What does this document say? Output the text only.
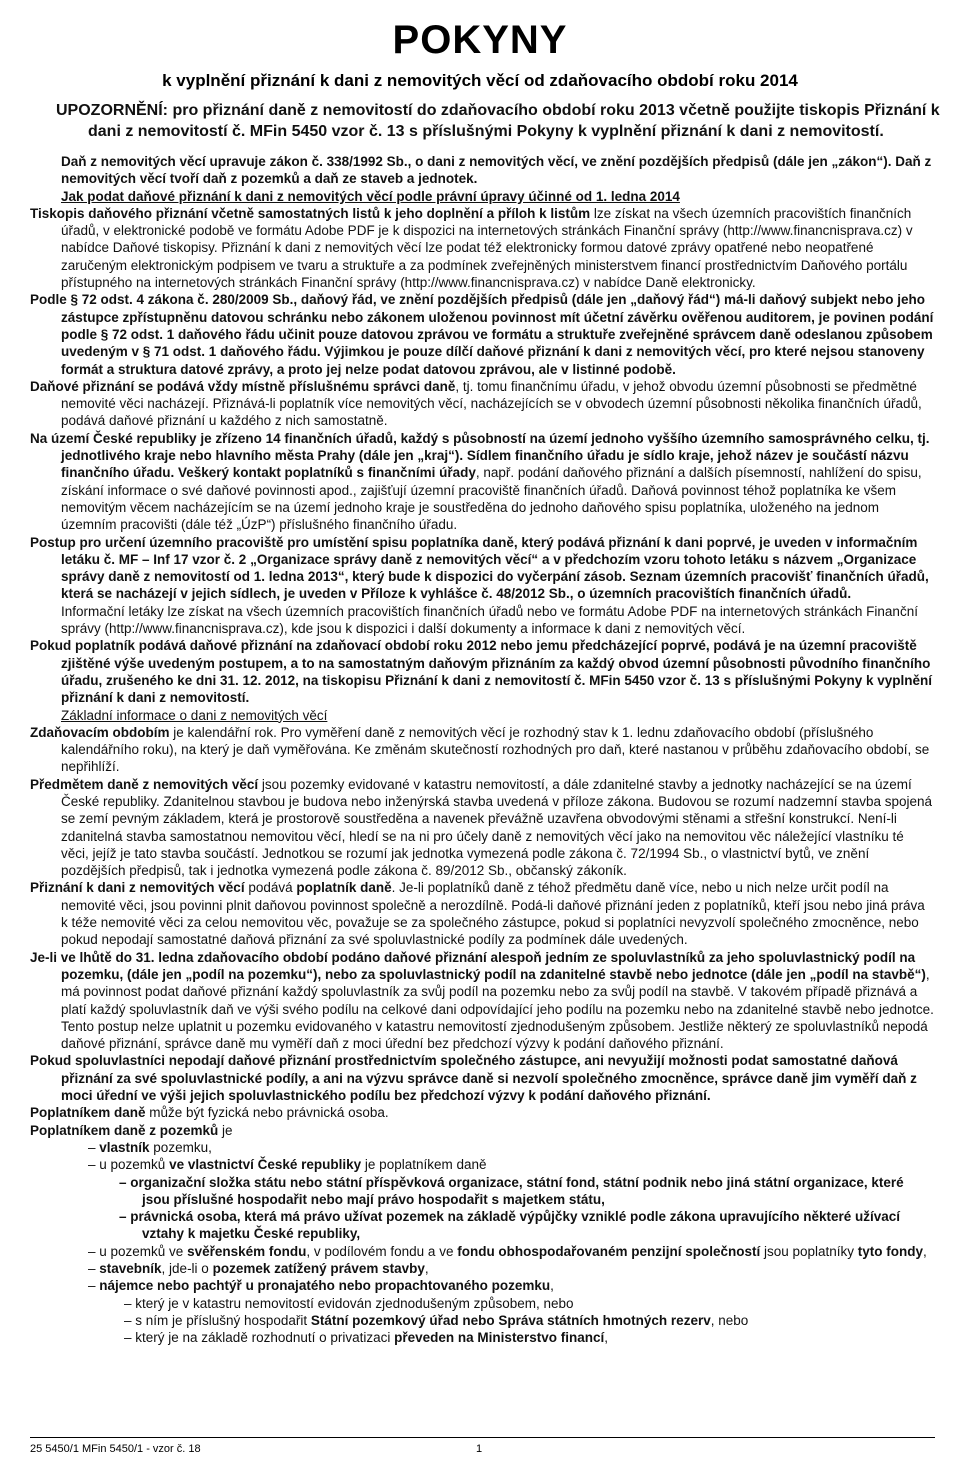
POKYNY
k vyplnění přiznání k dani z nemovitých věcí od zdaňovacího období roku 2014
UPOZORNĚNÍ: pro přiznání daně z nemovitostí do zdaňovacího období roku 2013 včetně použijte tiskopis Přiznání k dani z nemovitostí č. MFin 5450 vzor č. 13 s příslušnými Pokyny k vyplnění přiznání k dani z nemovitostí.

Daň z nemovitých věcí upravuje zákon č. 338/1992 Sb., o dani z nemovitých věcí, ve znění pozdějších předpisů (dále jen „zákon“). Daň z nemovitých věcí tvoří daň z pozemků a daň ze staveb a jednotek.

Jak podat daňové přiznání k dani z nemovitých věcí podle právní úpravy účinné od 1. ledna 2014

Tiskopis daňového přiznání včetně samostatných listů k jeho doplnění a příloh k listům lze získat na všech územních pracovištích finančních úřadů, v elektronické podobě ve formátu Adobe PDF je k dispozici na internetových stránkách Finanční správy (http://www.financnisprava.cz) v nabídce Daňové tiskopisy. Přiznání k dani z nemovitých věcí lze podat též elektronicky formou datové zprávy opatřené nebo neopatřené zaručeným elektronickým podpisem ve tvaru a struktuře a za podmínek zveřejněných ministerstvem financí prostřednictvím Daňového portálu přístupného na internetových stránkách Finanční správy (http://www.financnisprava.cz) v nabídce Daně elektronicky.

Podle § 72 odst. 4 zákona č. 280/2009 Sb., daňový řád, ve znění pozdějších předpisů (dále jen „daňový řád“) má-li daňový subjekt nebo jeho zástupce zpřístupněnu datovou schránku nebo zákonem uloženou povinnost mít účetní závěrku ověřenou auditorem, je povinen podání podle § 72 odst. 1 daňového řádu učinit pouze datovou zprávou ve formátu a struktuře zveřejněné správcem daně odeslanou způsobem uvedeným v § 71 odst. 1 daňového řádu. Výjimkou je pouze dílčí daňové přiznání k dani z nemovitých věcí, pro které nejsou stanoveny formát a struktura datové zprávy, a proto jej nelze podat datovou zprávou, ale v listinné podobě.

Daňové přiznání se podává vždy místně příslušnému správci daně, tj. tomu finančnímu úřadu, v jehož obvodu územní působnosti se předmětné nemovité věci nacházejí. Přiznává-li poplatník více nemovitých věcí, nacházejících se v obvodech územní působnosti několika finančních úřadů, podává daňové přiznání u každého z nich samostatně.

Na území České republiky je zřízeno 14 finančních úřadů, každý s působností na území jednoho vyššího územního samosprávného celku, tj. jednotlivého kraje nebo hlavního města Prahy (dále jen „kraj“). Sídlem finančního úřadu je sídlo kraje, jehož název je součástí názvu finančního úřadu. Veškerý kontakt poplatníků s finančními úřady, např. podání daňového přiznání a dalších písemností, nahlížení do spisu, získání informace o své daňové povinnosti apod., zajišťují územní pracoviště finančních úřadů. Daňová povinnost téhož poplatníka ke všem nemovitým věcem nacházejícím se na území jednoho kraje je soustředěna do jednoho daňového spisu poplatníka, uloženého na jednom územním pracovišti (dále též „ÚzP“) příslušného finančního úřadu.

Postup pro určení územního pracoviště pro umístění spisu poplatníka daně, který podává přiznání k dani poprvé, je uveden v informačním letáku č. MF – Inf 17 vzor č. 2 „Organizace správy daně z nemovitých věcí“ a v předchozím vzoru tohoto letáku s názvem „Organizace správy daně z nemovitostí od 1. ledna 2013“, který bude k dispozici do vyčerpání zásob. Seznam územních pracovišť finančních úřadů, která se nacházejí v jejich sídlech, je uveden v Příloze k vyhlášce č. 48/2012 Sb., o územních pracovištích finančních úřadů.

Informační letáky lze získat na všech územních pracovištích finančních úřadů nebo ve formátu Adobe PDF na internetových stránkách Finanční správy (http://www.financnisprava.cz), kde jsou k dispozici i další dokumenty a informace k dani z nemovitých věcí.

Pokud poplatník podává daňové přiznání na zdaňovací období roku 2012 nebo jemu předcházející poprvé, podává je na územní pracoviště zjištěné výše uvedeným postupem, a to na samostatným daňovým přiznáním za každý obvod územní působnosti původního finančního úřadu, zrušeného ke dni 31. 12. 2012, na tiskopisu Přiznání k dani z nemovitostí č. MFin 5450 vzor č. 13 s příslušnými Pokyny k vyplnění přiznání k dani z nemovitostí.

Základní informace o dani z nemovitých věcí

Zdaňovacím obdobím je kalendářní rok. Pro vyměření daně z nemovitých věcí je rozhodný stav k 1. lednu zdaňovacího období (příslušného kalendářního roku), na který je daň vyměřována. Ke změnám skutečností rozhodných pro daň, které nastanou v průběhu zdaňovacího období, se nepřihlíží.

Předmětem daně z nemovitých věcí jsou pozemky evidované v katastru nemovitostí, a dále zdanitelné stavby a jednotky nacházející se na území České republiky. Zdanitelnou stavbou je budova nebo inženýrská stavba uvedená v příloze zákona. Budovou se rozumí nadzemní stavba spojená se zemí pevným základem, která je prostorově soustředěna a navenek převážně uzavřena obvodovými stěnami a střešní konstrukcí. Není-li zdanitelná stavba samostatnou nemovitou věcí, hledí se na ni pro účely daně z nemovitých věcí jako na nemovitou věc náležející vlastníku té věci, jejíž je tato stavba součástí. Jednotkou se rozumí jak jednotka vymezená podle zákona č. 72/1994 Sb., o vlastnictví bytů, ve znění pozdějších předpisů, tak i jednotka vymezená podle zákona č. 89/2012 Sb., občanský zákoník.

Přiznání k dani z nemovitých věcí podává poplatník daně. Je-li poplatníků daně z téhož předmětu daně více, nebo u nich nelze určit podíl na nemovité věci, jsou povinni plnit daňovou povinnost společně a nerozdílně. Podá-li daňové přiznání jeden z poplatníků, kteří jsou nebo jiná práva k téže nemovité věci za celou nemovitou věc, považuje se za společného zástupce, pokud si poplatníci nevyzvolí společného zmocněnce, nebo pokud nepodají samostatné daňová přiznání za své spoluvlastnické podíly za podmínek dále uvedených.

Je-li ve lhůtě do 31. ledna zdaňovacího období podáno daňové přiznání alespoň jedním ze spoluvlastníků za jeho spoluvlastnický podíl na pozemku, (dále jen „podíl na pozemku“), nebo za spoluvlastnický podíl na zdanitelné stavbě nebo jednotce (dále jen „podíl na stavbě“), má povinnost podat daňové přiznání každý spoluvlastník za svůj podíl na pozemku nebo za svůj podíl na stavbě. V takovém případě přiznává a platí každý spoluvlastník daň ve výši svého podílu na celkové dani odpovídající jeho podílu na pozemku nebo na zdanitelné stavbě nebo jednotce. Tento postup nelze uplatnit u pozemku evidovaného v katastru nemovitostí zjednodušeným způsobem. Jestliže některý ze spoluvlastníků nepodá daňové přiznání, správce daně mu vyměří daň z moci úřední bez předchozí výzvy k podání daňového přiznání.

Pokud spoluvlastníci nepodají daňové přiznání prostřednictvím společného zástupce, ani nevyužijí možnosti podat samostatné daňová přiznání za své spoluvlastnické podíly, a ani na výzvu správce daně si nezvolí společného zmocněnce, správce daně jim vyměří daň z moci úřední ve výši jejich spoluvlastnického podílu bez předchozí výzvy k podání daňového přiznání.

Poplatníkem daně může být fyzická nebo právnická osoba.

Poplatníkem daně z pozemků je

– vlastník pozemku,

– u pozemků ve vlastnictví České republiky je poplatníkem daně

– organizační složka státu nebo státní příspěvková organizace, státní fond, státní podnik nebo jiná státní organizace, které jsou příslušné hospodařit nebo mají právo hospodařit s majetkem státu,

– právnická osoba, která má právo užívat pozemek na základě výpůjčky vzniklé podle zákona upravujícího některé užívací vztahy k majetku České republiky,

– u pozemků ve svěřenském fondu, v podílovém fondu a ve fondu obhospodařovaném penzijní společností jsou poplatníky tyto fondy,

– stavebník, jde-li o pozemek zatížený právem stavby,

– nájemce nebo pachtýř u pronajatého nebo propachtovaného pozemku,

– který je v katastru nemovitostí evidován zjednodušeným způsobem, nebo

– s ním je příslušný hospodařit Státní pozemkový úřad nebo Správa státních hmotných rezerv, nebo

– který je na základě rozhodnutí o privatizaci převeden na Ministerstvo financí,

25 5450/1 MFin 5450/1 - vzor č. 18	1
